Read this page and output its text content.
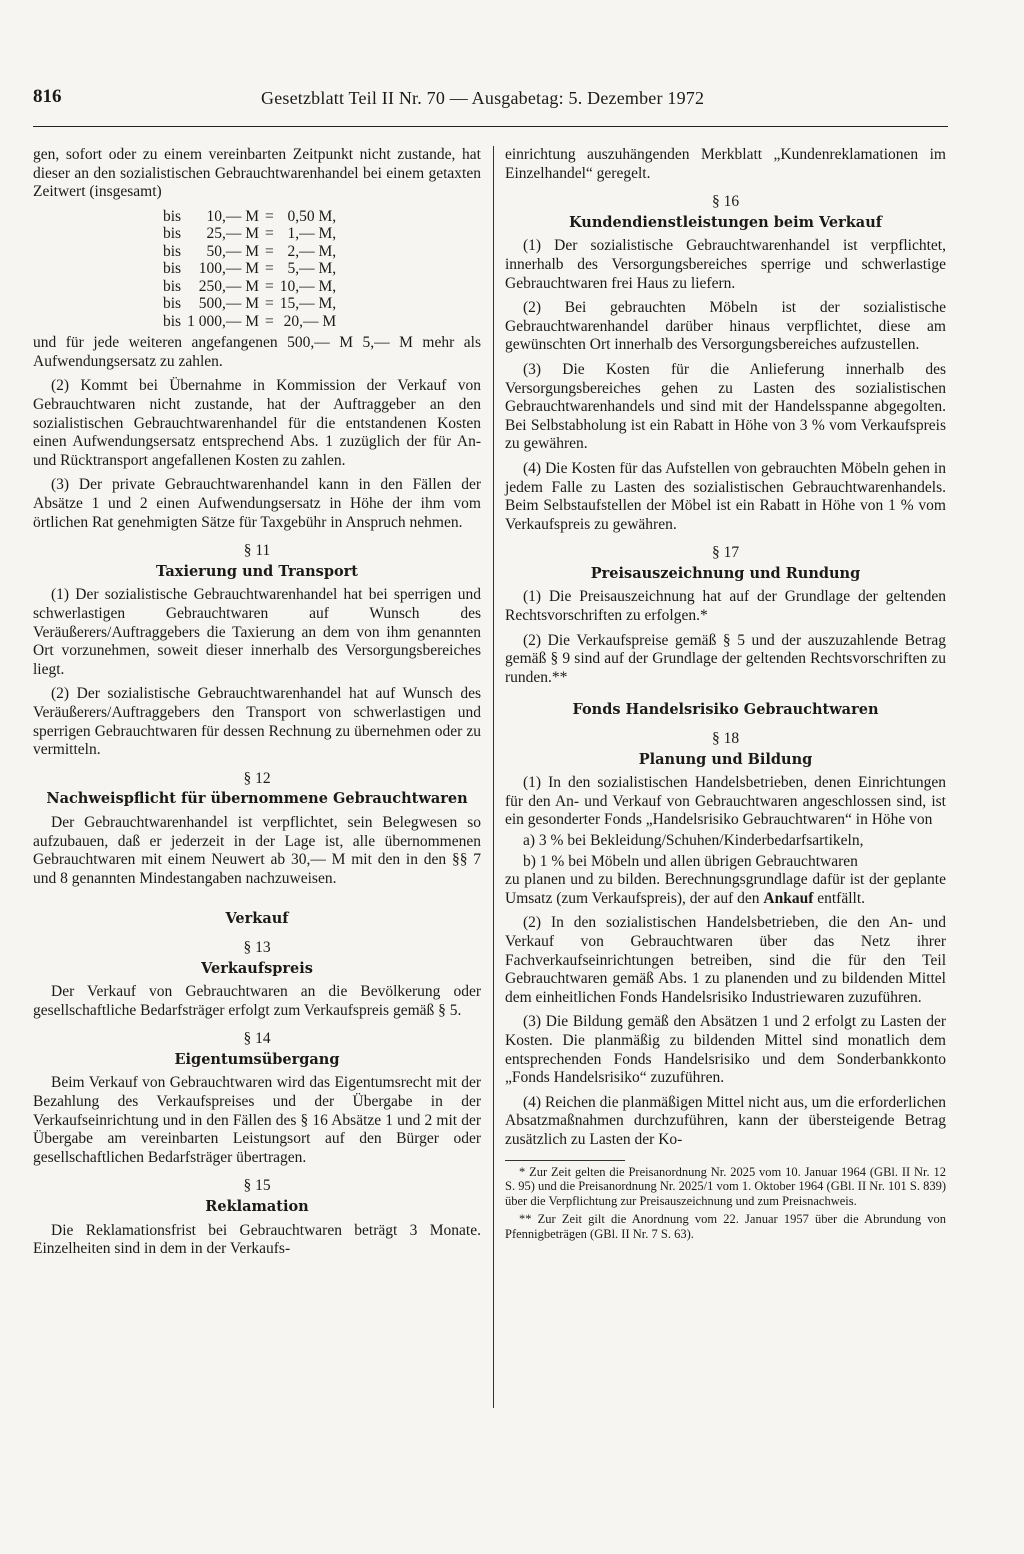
816	Gesetzblatt Teil II Nr. 70 — Ausgabetag: 5. Dezember 1972

gen, sofort oder zu einem vereinbarten Zeitpunkt nicht zustande, hat dieser an den sozialistischen Gebrauchtwarenhandel bei einem getaxten Zeitwert (insgesamt)

bis	10,— M	=	0,50 M,
bis	25,— M	=	1,— M,
bis	50,— M	=	2,— M,
bis	100,— M	=	5,— M,
bis	250,— M	=	10,— M,
bis	500,— M	=	15,— M,
bis	1 000,— M	=	20,— M

und für jede weiteren angefangenen 500,— M 5,— M mehr als Aufwendungsersatz zu zahlen.

(2) Kommt bei Übernahme in Kommission der Verkauf von Gebrauchtwaren nicht zustande, hat der Auftraggeber an den sozialistischen Gebrauchtwarenhandel für die entstandenen Kosten einen Aufwendungsersatz entsprechend Abs. 1 zuzüglich der für An- und Rücktransport angefallenen Kosten zu zahlen.

(3) Der private Gebrauchtwarenhandel kann in den Fällen der Absätze 1 und 2 einen Aufwendungsersatz in Höhe der ihm vom örtlichen Rat genehmigten Sätze für Taxgebühr in Anspruch nehmen.

§ 11
Taxierung und Transport

(1) Der sozialistische Gebrauchtwarenhandel hat bei sperrigen und schwerlastigen Gebrauchtwaren auf Wunsch des Veräußerers/Auftraggebers die Taxierung an dem von ihm genannten Ort vorzunehmen, soweit dieser innerhalb des Versorgungsbereiches liegt.

(2) Der sozialistische Gebrauchtwarenhandel hat auf Wunsch des Veräußerers/Auftraggebers den Transport von schwerlastigen und sperrigen Gebrauchtwaren für dessen Rechnung zu übernehmen oder zu vermitteln.

§ 12
Nachweispflicht für übernommene Gebrauchtwaren

Der Gebrauchtwarenhandel ist verpflichtet, sein Belegwesen so aufzubauen, daß er jederzeit in der Lage ist, alle übernommenen Gebrauchtwaren mit einem Neuwert ab 30,— M mit den in den §§ 7 und 8 genannten Mindestangaben nachzuweisen.

Verkauf
§ 13
Verkaufspreis

Der Verkauf von Gebrauchtwaren an die Bevölkerung oder gesellschaftliche Bedarfsträger erfolgt zum Verkaufspreis gemäß § 5.

§ 14
Eigentumsübergang

Beim Verkauf von Gebrauchtwaren wird das Eigentumsrecht mit der Bezahlung des Verkaufspreises und der Übergabe in der Verkaufseinrichtung und in den Fällen des § 16 Absätze 1 und 2 mit der Übergabe am vereinbarten Leistungsort auf den Bürger oder gesellschaftlichen Bedarfsträger übertragen.

§ 15
Reklamation

Die Reklamationsfrist bei Gebrauchtwaren beträgt 3 Monate. Einzelheiten sind in dem in der Verkaufs-

einrichtung auszuhängenden Merkblatt „Kundenreklamationen im Einzelhandel“ geregelt.

§ 16
Kundendienstleistungen beim Verkauf

(1) Der sozialistische Gebrauchtwarenhandel ist verpflichtet, innerhalb des Versorgungsbereiches sperrige und schwerlastige Gebrauchtwaren frei Haus zu liefern.

(2) Bei gebrauchten Möbeln ist der sozialistische Gebrauchtwarenhandel darüber hinaus verpflichtet, diese am gewünschten Ort innerhalb des Versorgungsbereiches aufzustellen.

(3) Die Kosten für die Anlieferung innerhalb des Versorgungsbereiches gehen zu Lasten des sozialistischen Gebrauchtwarenhandels und sind mit der Handelsspanne abgegolten. Bei Selbstabholung ist ein Rabatt in Höhe von 3 % vom Verkaufspreis zu gewähren.

(4) Die Kosten für das Aufstellen von gebrauchten Möbeln gehen in jedem Falle zu Lasten des sozialistischen Gebrauchtwarenhandels. Beim Selbstaufstellen der Möbel ist ein Rabatt in Höhe von 1 % vom Verkaufspreis zu gewähren.

§ 17
Preisauszeichnung und Rundung

(1) Die Preisauszeichnung hat auf der Grundlage der geltenden Rechtsvorschriften zu erfolgen.*

(2) Die Verkaufspreise gemäß § 5 und der auszuzahlende Betrag gemäß § 9 sind auf der Grundlage der geltenden Rechtsvorschriften zu runden.**

Fonds Handelsrisiko Gebrauchtwaren
§ 18
Planung und Bildung

(1) In den sozialistischen Handelsbetrieben, denen Einrichtungen für den An- und Verkauf von Gebrauchtwaren angeschlossen sind, ist ein gesonderter Fonds „Handelsrisiko Gebrauchtwaren“ in Höhe von

a) 3 % bei Bekleidung/Schuhen/Kinderbedarfsartikeln,

b) 1 % bei Möbeln und allen übrigen Gebrauchtwaren

zu planen und zu bilden. Berechnungsgrundlage dafür ist der geplante Umsatz (zum Verkaufspreis), der auf den Ankauf entfällt.

(2) In den sozialistischen Handelsbetrieben, die den An- und Verkauf von Gebrauchtwaren über das Netz ihrer Fachverkaufseinrichtungen betreiben, sind die für den Teil Gebrauchtwaren gemäß Abs. 1 zu planenden und zu bildenden Mittel dem einheitlichen Fonds Handelsrisiko Industriewaren zuzuführen.

(3) Die Bildung gemäß den Absätzen 1 und 2 erfolgt zu Lasten der Kosten. Die planmäßig zu bildenden Mittel sind monatlich dem entsprechenden Fonds Handelsrisiko und dem Sonderbankkonto „Fonds Handelsrisiko“ zuzuführen.

(4) Reichen die planmäßigen Mittel nicht aus, um die erforderlichen Absatzmaßnahmen durchzuführen, kann der übersteigende Betrag zusätzlich zu Lasten der Ko-

* Zur Zeit gelten die Preisanordnung Nr. 2025 vom 10. Januar 1964 (GBl. II Nr. 12 S. 95) und die Preisanordnung Nr. 2025/1 vom 1. Oktober 1964 (GBl. II Nr. 101 S. 839) über die Verpflichtung zur Preisauszeichnung und zum Preisnachweis.

** Zur Zeit gilt die Anordnung vom 22. Januar 1957 über die Abrundung von Pfennigbeträgen (GBl. II Nr. 7 S. 63).
